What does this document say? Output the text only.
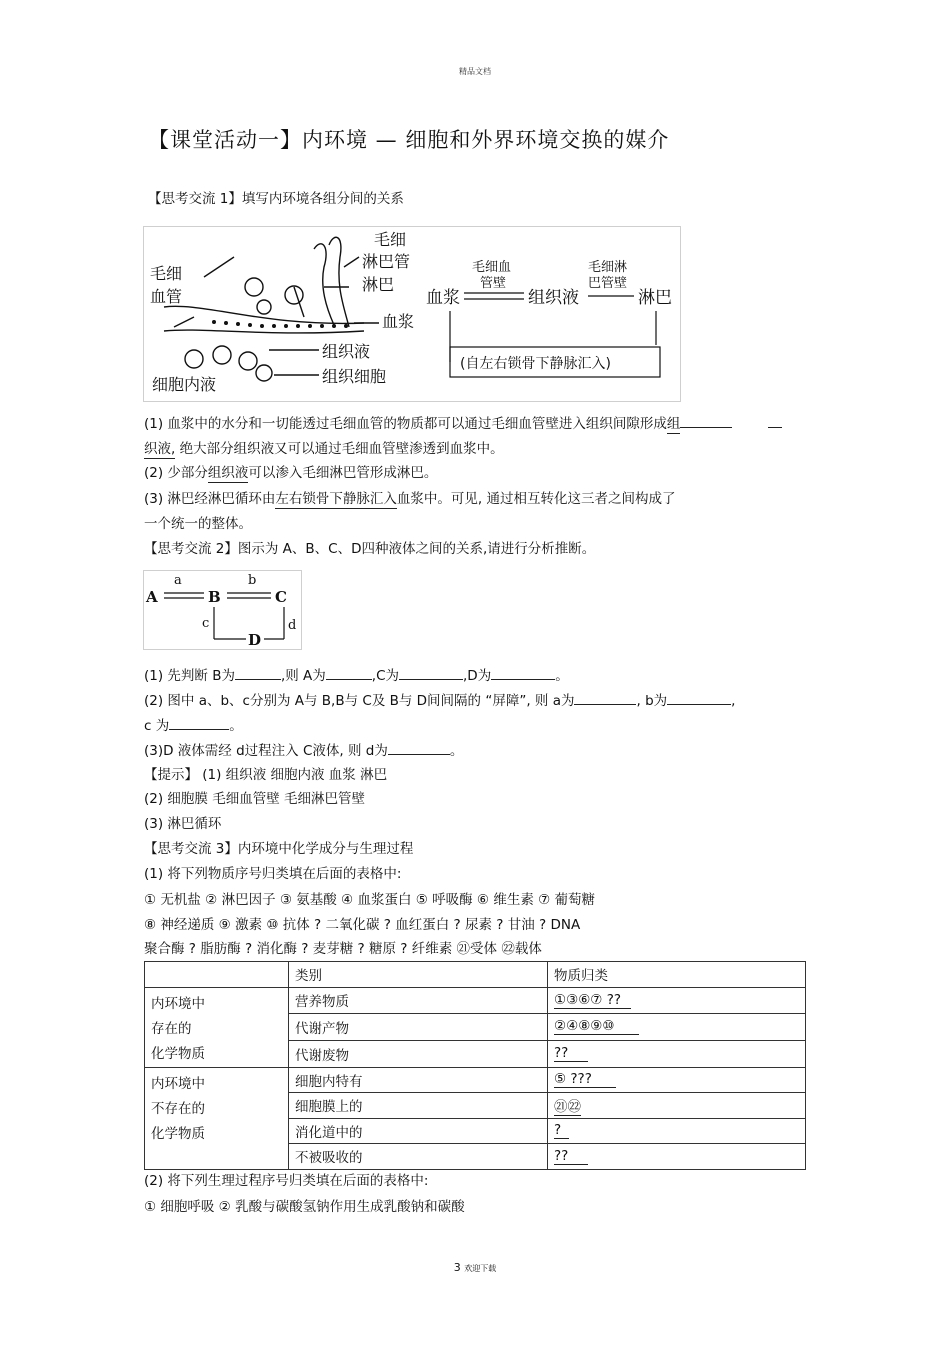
精品文档
【课堂活动一】内环境 — 细胞和外界环境交换的媒介
【思考交流 1】填写内环境各组分间的关系
毛细
淋巴管
淋巴
毛细
血管
血浆
组织液
细胞内液	组织细胞
毛细血
管壁
毛细淋
巴管壁
血浆	组织液	淋巴
(自左右锁骨下静脉汇入)
(1) 血浆中的水分和一切能透过毛细血管的物质都可以通过毛细血管壁进入组织间隙形成组
织液, 绝大部分组织液又可以通过毛细血管壁渗透到血浆中。
(2) 少部分组织液可以渗入毛细淋巴管形成淋巴。
(3) 淋巴经淋巴循环由左右锁骨下静脉汇入血浆中。可见, 通过相互转化这三者之间构成了
一个统一的整体。
【思考交流 2】图示为 A、B、C、D四种液体之间的关系,请进行分析推断。
A	B	C
D
a	b
c	d
(1) 先判断 B为	,则 A为	,C为	,D为	。
(2) 图中 a、b、c分别为 A与 B,B与 C及 B与 D间间隔的 “屏障”, 则 a为	, b为	,
c 为	。
(3)D 液体需经 d过程注入 C液体, 则 d为	。
【提示】 (1) 组织液 细胞内液 血浆 淋巴
(2) 细胞膜 毛细血管壁 毛细淋巴管壁
(3) 淋巴循环
【思考交流 3】内环境中化学成分与生理过程
(1) 将下列物质序号归类填在后面的表格中:
① 无机盐 ② 淋巴因子 ③ 氨基酸 ④ 血浆蛋白 ⑤ 呼吸酶 ⑥ 维生素 ⑦ 葡萄糖
⑧ 神经递质 ⑨ 激素 ⑩ 抗体 ? 二氧化碳 ? 血红蛋白 ? 尿素 ? 甘油 ? DNA
聚合酶 ? 脂肪酶 ? 消化酶 ? 麦芽糖 ? 糖原 ? 纤维素 ㉑受体 ㉒载体
	类别	物质归类
内环境中
存在的
化学物质	营养物质	①③⑥⑦ ??
	代谢产物	②④⑧⑨⑩
	代谢废物	??
内环境中
不存在的
化学物质	细胞内特有	⑤ ???
	细胞膜上的	㉑㉒
	消化道中的	?
	不被吸收的	??
(2) 将下列生理过程序号归类填在后面的表格中:
① 细胞呼吸 ② 乳酸与碳酸氢钠作用生成乳酸钠和碳酸
3 欢迎下载
